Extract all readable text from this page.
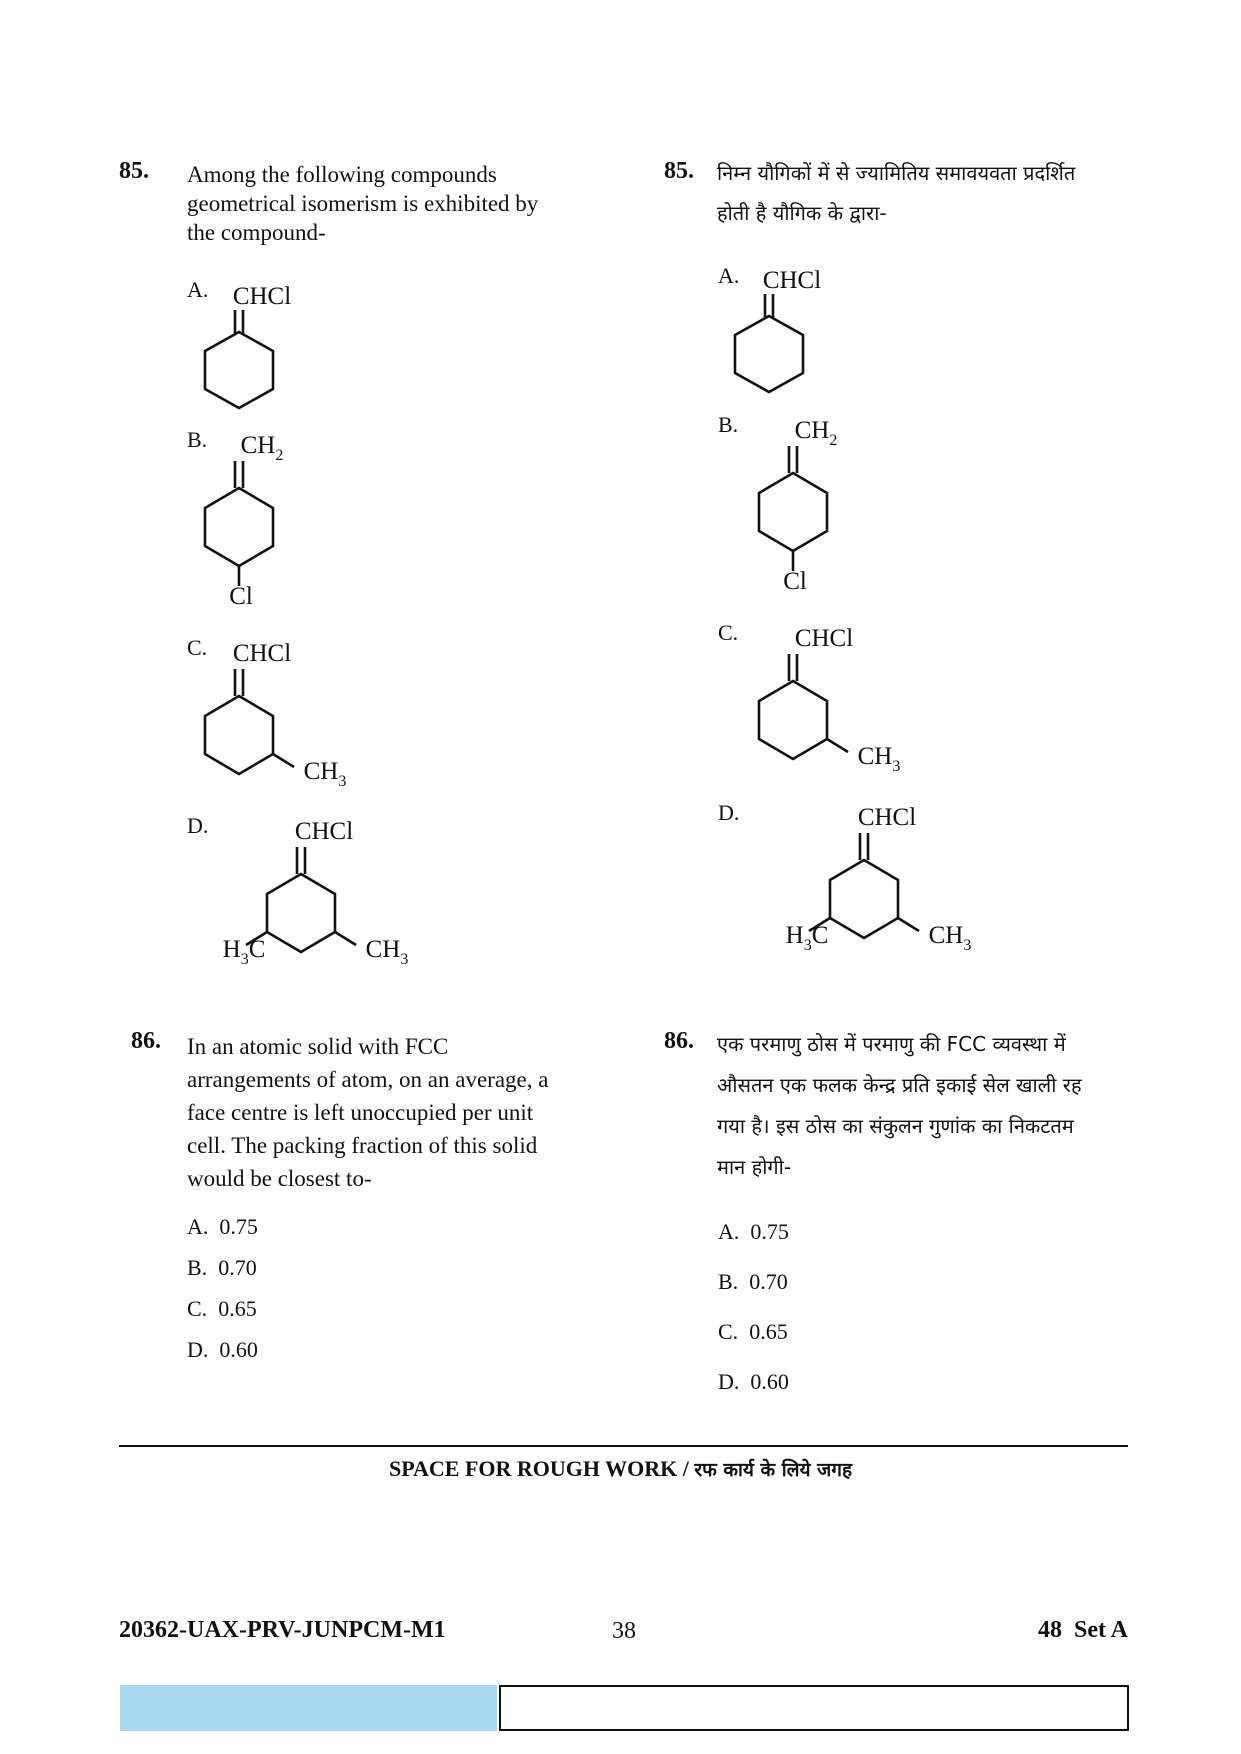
85. Among the following compounds
geometrical isomerism is exhibited by
the compound-
A. CHCl
B. $CH_2$
Cl
C. CHCl
$CH_3$
D.	CHCl
$CH_3$
$H_3C$
85. निम्न यौगिकों में से ज्यामितिय समावयवता प्रदर्शित
होती है यौगिक के द्वारा-
A. CHCl
B. $CH_2$
Cl
C. CHCl
$CH_3$
D.	CHCl
$CH_3$
$H_3C$
86. In an atomic solid with FCC
arrangements of atom, on an average, a
face centre is left unoccupied per unit
cell. The packing fraction of this solid
would be closest to-
A. 0.75
B. 0.70
C. 0.65
D. 0.60
86. एक परमाणु ठोस में परमाणु की FCC व्यवस्था में
औसतन एक फलक केन्द्र प्रति इकाई सेल खाली रह
गया है। इस ठोस का संकुलन गुणांक का निकटतम
मान होगी-
A. 0.75
B. 0.70
C. 0.65
D. 0.60
SPACE FOR ROUGH WORK / रफ कार्य के लिये जगह
20362-UAX-PRV-JUNPCM-M1	38	48 Set A
